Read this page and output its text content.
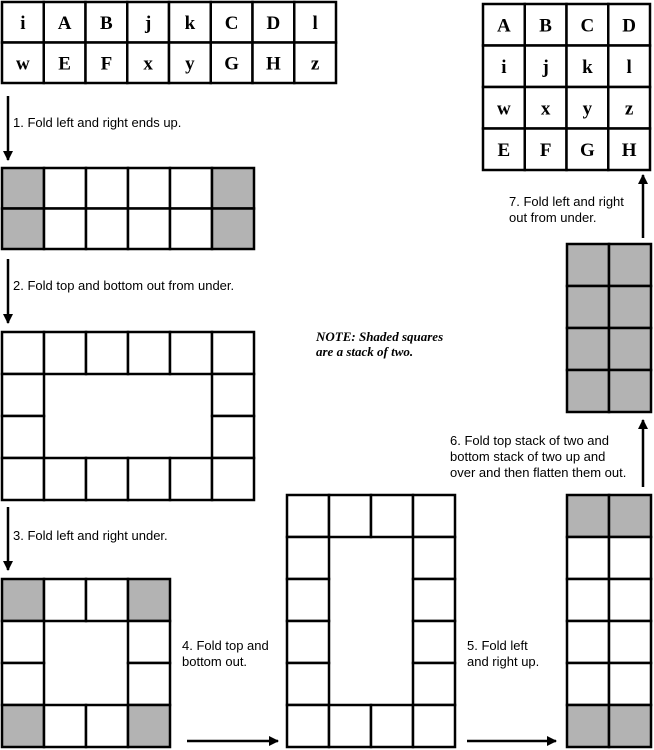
i A B j k C D l
w E F x y G H z
A B C D
i j k l
w x y z
E F G H
1. Fold left and right ends up.
2. Fold top and bottom out from under.
3. Fold left and right under.
4. Fold top and bottom out.
5. Fold left and right up.
6. Fold top stack of two and bottom stack of two up and over and then flatten them out.
7. Fold left and right out from under.
NOTE: Shaded squares are a stack of two.
